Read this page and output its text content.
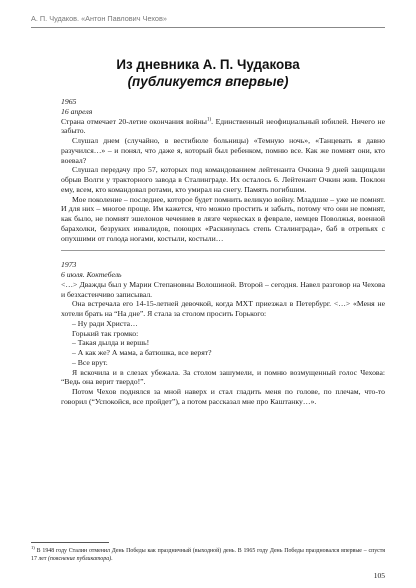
А. П. Чудаков. «Антон Павлович Чехов»
Из дневника А. П. Чудакова
(публикуется впервые)

1965

16 апреля

Страна отмечает 20-летие окончания войны$^{1)}$. Единственный неофициальный юбилей. Ничего не забыто.

Слушал днем (случайно, в вестибюле больницы) «Темную ночь», «Танцевать я давно разучился…» – и понял, что даже я, который был ребенком, помню все. Как же помнят они, кто воевал?

Слушал передачу про 57, которых под командованием лейтенанта Очкина 9 дней защищали обрыв Волги у тракторного завода в Сталинграде. Их осталось 6. Лейтенант Очкин жив. Поклон ему, всем, кто командовал ротами, кто умирал на снегу. Память погибшим.

Мое поколение – последнее, которое будет помнить великую войну. Младшие – уже не помнят. И для них – многое проще. Им кажется, что можно простить и забыть, потому что они не помнят, как было, не помнят эшелонов чечениев в лязге черкесках в феврале, немцев Поволжья, военной барахолки, безруких инвалидов, поющих «Раскинулась степь Сталинграда», баб в отрепьях с опухшими от голода ногами, костыли, костыли…

1973

6 июля. Коктебель

<…> Дважды был у Марии Степановны Волошиной. Второй – сегодня. Навел разговор на Чехова и безхастенчиво записывал.

Она встречала его 14-15-летней девочкой, когда МХТ приезжал в Петербург. <…> «Меня не хотели брать на “На дне”. Я стала за столом просить Горького:

– Ну ради Христа…

Горький так громко:

– Такая дылда и вершь!

– А как же? А мама, а батюшка, все верят?

– Все врут.

Я вскочила и в слезах убежала. За столом зашумели, и помню возмущенный голос Чехова: “Ведь она верит твердо!”.

Потом Чехов поднялся за мной наверх и стал гладить меня по голове, по плечам, что-то говорил (“Успокойся, все пройдет”), а потом рассказал мне про Каштанку…».

$^{1)}$ В 1948 году Сталин отменил День Победы как праздничный (выходной) день. В 1965 году День Победы праздновался впервые – спустя 17 лет (пояснение публикатора).
105
